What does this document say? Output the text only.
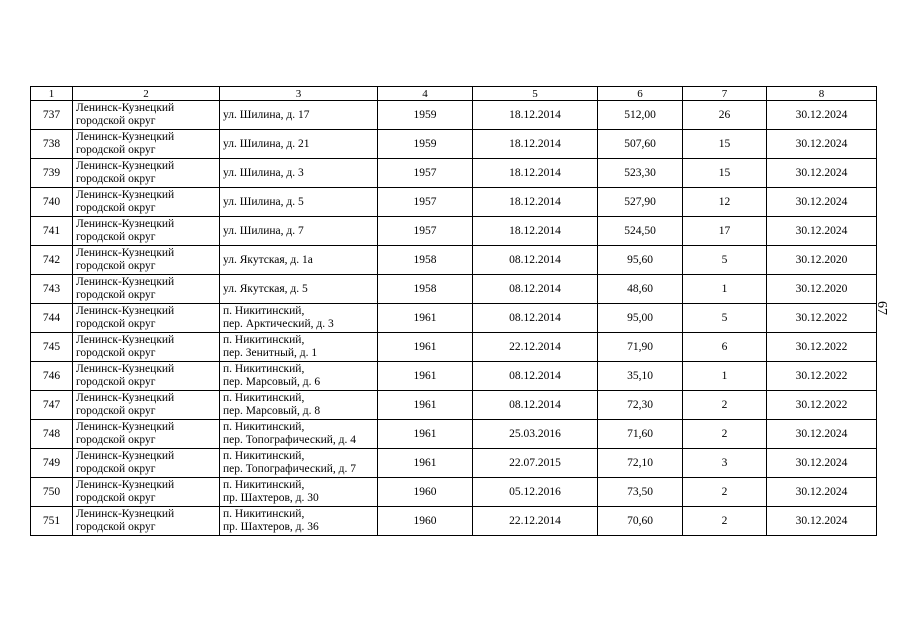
1	2	3	4	5	6	7	8

737	Ленинск-Кузнецкий
городской округ	ул. Шилина, д. 17	1959	18.12.2014	512,00	26	30.12.2024

738	Ленинск-Кузнецкий
городской округ	ул. Шилина, д. 21	1959	18.12.2014	507,60	15	30.12.2024

739	Ленинск-Кузнецкий
городской округ	ул. Шилина, д. 3	1957	18.12.2014	523,30	15	30.12.2024

740	Ленинск-Кузнецкий
городской округ	ул. Шилина, д. 5	1957	18.12.2014	527,90	12	30.12.2024

741	Ленинск-Кузнецкий
городской округ	ул. Шилина, д. 7	1957	18.12.2014	524,50	17	30.12.2024

742	Ленинск-Кузнецкий
городской округ	ул. Якутская, д. 1а	1958	08.12.2014	95,60	5	30.12.2020

743	Ленинск-Кузнецкий
городской округ	ул. Якутская, д. 5	1958	08.12.2014	48,60	1	30.12.2020

744	Ленинск-Кузнецкий
городской округ	п. Никитинский,
пер. Арктический, д. 3	1961	08.12.2014	95,00	5	30.12.2022

745	Ленинск-Кузнецкий
городской округ	п. Никитинский,
пер. Зенитный, д. 1	1961	22.12.2014	71,90	6	30.12.2022

746	Ленинск-Кузнецкий
городской округ	п. Никитинский,
пер. Марсовый, д. 6	1961	08.12.2014	35,10	1	30.12.2022

747	Ленинск-Кузнецкий
городской округ	п. Никитинский,
пер. Марсовый, д. 8	1961	08.12.2014	72,30	2	30.12.2022

748	Ленинск-Кузнецкий
городской округ	п. Никитинский,
пер. Топографический, д. 4	1961	25.03.2016	71,60	2	30.12.2024

749	Ленинск-Кузнецкий
городской округ	п. Никитинский,
пер. Топографический, д. 7	1961	22.07.2015	72,10	3	30.12.2024

750	Ленинск-Кузнецкий
городской округ	п. Никитинский,
пр. Шахтеров, д. 30	1960	05.12.2016	73,50	2	30.12.2024

751	Ленинск-Кузнецкий
городской округ	п. Никитинский,
пр. Шахтеров, д. 36	1960	22.12.2014	70,60	2	30.12.2024
67
